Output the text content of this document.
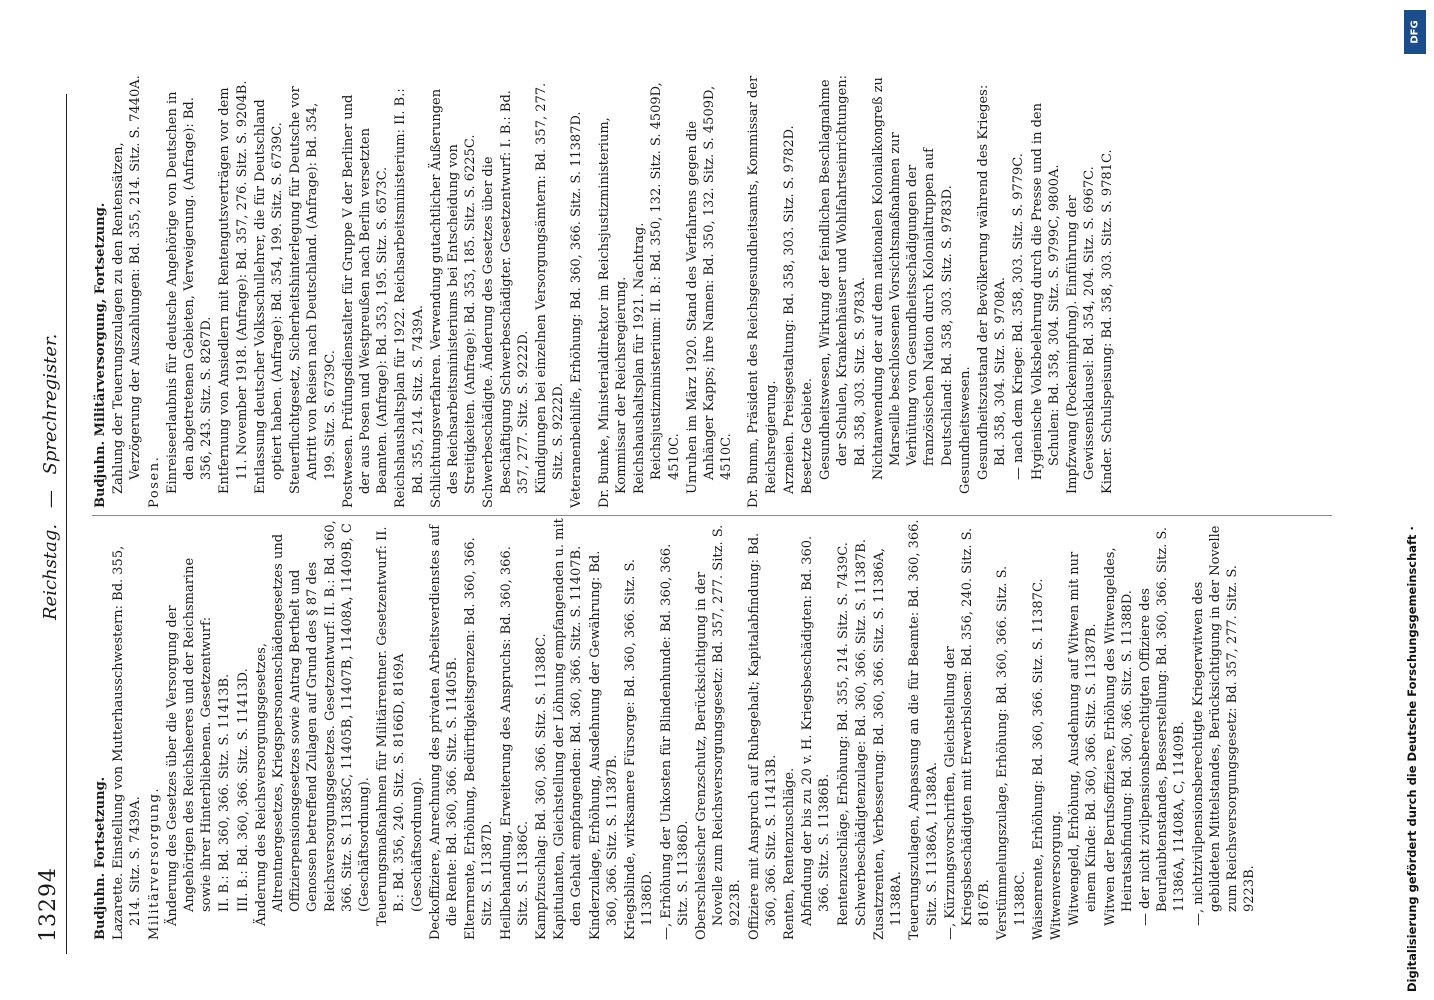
13294
Reichstag. — Sprechregister.
Budjuhn. Fortsetzung. Lazarette. Einstellung von Mutterhausschwestern: Bd. 355, 214. Sitz. S. 7439A. Militärversorgung. Änderung des Gesetzes über die Versorgung der Angehörigen des Reichsheeres und der Reichsmarine sowie ihrer Hinterbliebenen. Gesetzentwurf: II. B.: Bd. 360, 366. Sitz. S. 11413B. III. B.: Bd. 360, 366. Sitz. S. 11413D. Änderung des Reichsversorgungsgesetzes, Altrentnergesetzes, Kriegspersonenschädengesetzes und Offizierpensionsgesetzes sowie Antrag Berthelt und Genossen betreffend Zulagen auf Grund des § 87 des Reichsversorgungsgesetzes. Gesetzentwurf: II. B.: Bd. 360, 366. Sitz. S. 11385C, 11405B, 11407B, 11408A, 11409B, C (Geschäftsordnung). Teuerungsmaßnahmen für Militärrentner. Gesetzentwurf: II. B.: Bd. 356, 240. Sitz. S. 8166D, 8169A (Geschäftsordnung). Deckoffiziere, Anrechnung des privaten Arbeitsverdienstes auf die Rente: Bd. 360, 366. Sitz. S. 11405B. Elternrente, Erhöhung, Bedürftigkeitsgrenzen: Bd. 360, 366. Sitz. S. 11387D. Heilbehandlung, Erweiterung des Anspruchs: Bd. 360, 366. Sitz. S. 11386C. Kampfzuschlag: Bd. 360, 366. Sitz. S. 11388C. Kapitulanten, Gleichstellung der Löhnung empfangenden u. mit den Gehalt empfangenden: Bd. 360, 366. Sitz. S. 11407B. Kinderzulage, Erhöhung, Ausdehnung der Gewährung: Bd. 360, 366. Sitz. S. 11387B. Kriegsblinde, wirksamere Fürsorge: Bd. 360, 366. Sitz. S. 11386D. —, Erhöhung der Unkosten für Blindenhunde: Bd. 360, 366. Sitz. S. 11386D. Oberschlesischer Grenzschutz, Berücksichtigung in der Novelle zum Reichsversorgungsgesetz: Bd. 357, 277. Sitz. S. 9223B. Offiziere mit Anspruch auf Ruhegehalt; Kapitalabfindung: Bd. 360, 366. Sitz. S. 11413B. Renten, Rentenzuschläge. Abfindung der bis zu 20 v. H. Kriegsbeschädigten: Bd. 360. 366. Sitz. S. 11386B. Rentenzuschläge, Erhöhung: Bd. 355, 214. Sitz. S. 7439C. Schwerbeschädigtenzulage: Bd. 360, 366. Sitz. S. 11387B. Zusatzrenten, Verbesserung: Bd. 360, 366. Sitz. S. 11386A, 11388A. Teuerungszulagen, Anpassung an die für Beamte: Bd. 360, 366. Sitz. S. 11386A, 11388A. —, Kürzungsvorschriften, Gleichstellung der Kriegsbeschädigten mit Erwerbslosen: Bd. 356, 240. Sitz. S. 8167B. Verstümmelungszulage, Erhöhung: Bd. 360, 366. Sitz. S. 11388C. Waisenrente, Erhöhung: Bd. 360, 366. Sitz. S. 11387C. Witwenversorgung. Witwengeld, Erhöhung, Ausdehnung auf Witwen mit nur einem Kinde: Bd. 360, 366. Sitz. S. 11387B. Witwen der Berufsoffiziere, Erhöhung des Witwengeldes, Heiratsabfindung: Bd. 360, 366. Sitz. S. 11388D. — der nicht zivilpensionsberechtigten Offiziere des Beurlaubtenstandes, Besserstellung: Bd. 360, 366. Sitz. S. 11386A, 11408A, C, 11409B. —, nichtzivilpensionsberechtigte Kriegerwitwen des gebildeten Mittelstandes, Berücksichtigung in der Novelle zum Reichsversorgungsgesetz: Bd. 357, 277. Sitz. S. 9223B.
Budjuhn. Militärversorgung, Fortsetzung. Zahlung der Teuerungszulagen zu den Rentensätzen, Verzögerung der Auszahlungen: Bd. 355, 214. Sitz. S. 7440A.
Posen. Einreiseerlaubnis für deutsche Angehörige von Deutschen in den abgetretenen Gebieten, Verweigerung. (Anfrage): Bd. 356, 243. Sitz. S. 8267D. Entfernung von Ansiedlern mit Rentengutsverträgen vor dem 11. November 1918. (Anfrage): Bd. 357, 276. Sitz. S. 9204B. Entlassung deutscher Volksschullehrer, die für Deutschland optiert haben. (Anfrage): Bd. 354, 199. Sitz. S. 6739C. Steuerfluchtgesetz, Sicherheitshinterlegung für Deutsche vor Antritt von Reisen nach Deutschland. (Anfrage): Bd. 354, 199. Sitz. S. 6739C. Postwesen. Prüfungsdienstalter für Gruppe V der Berliner und der aus Posen und Westpreußen nach Berlin versetzten Beamten. (Anfrage): Bd. 353, 195. Sitz. S. 6573C. Reichshaushaltsplan für 1922. Reichsarbeitsministerium: II. B.: Bd. 355, 214. Sitz. S. 7439A. Schlichtungsverfahren. Verwendung gutachtlicher Äußerungen des Reichsarbeitsministeriums bei Entscheidung von Streitigkeiten. (Anfrage): Bd. 353, 185. Sitz. S. 6225C. Schwerbeschädigte. Änderung des Gesetzes über die Beschäftigung Schwerbeschädigter. Gesetzentwurf: I. B.: Bd. 357, 277. Sitz. S. 9222D. Kündigungen bei einzelnen Versorgungsämtern: Bd. 357, 277. Sitz. S. 9222D. Veteranenbeihilfe, Erhöhung: Bd. 360, 366. Sitz. S. 11387D. Dr. Bumke, Ministerialdirektor im Reichsjustizministerium, Kommissar der Reichsregierung. Reichshaushaltsplan für 1921. Nachtrag. Reichsjustizministerium: II. B.: Bd. 350, 132. Sitz. S. 4509D, 4510C. Unruhen im März 1920. Stand des Verfahrens gegen die Anhänger Kapps; ihre Namen: Bd. 350, 132. Sitz. S. 4509D, 4510C. Dr. Bumm, Präsident des Reichsgesundheitsamts, Kommissar der Reichsregierung. Arzneien. Preisgestaltung: Bd. 358, 303. Sitz. S. 9782D. Besetzte Gebiete. Gesundheitswesen, Wirkung der feindlichen Beschlagnahme der Schulen, Krankenhäuser und Wohlfahrtseinrichtungen: Bd. 358, 303. Sitz. S. 9783A. Nichtanwendung der auf dem nationalen Kolonialkongreß zu Marseille beschlossenen Vorsichtsmaßnahmen zur Verhütung von Gesundheitsschädigungen der französischen Nation durch Kolonialtruppen auf Deutschland: Bd. 358, 303. Sitz. S. 9783D. Gesundheitswesen. Gesundheitszustand der Bevölkerung während des Krieges: Bd. 358, 304. Sitz. S. 9708A. — nach dem Kriege: Bd. 358, 303. Sitz. S. 9779C. Hygienische Volksbelehrung durch die Presse und in den Schulen: Bd. 358, 304. Sitz. S. 9799C, 9800A. Impfzwang (Pockenimpfung). Einführung der Gewissensklausel: Bd. 354, 204. Sitz. S. 6967C. Kinder. Schulspeisung: Bd. 358, 303. Sitz. S. 9781C.
DFG
Digitalisierung gefördert durch die Deutsche Forschungsgemeinschaft ·
